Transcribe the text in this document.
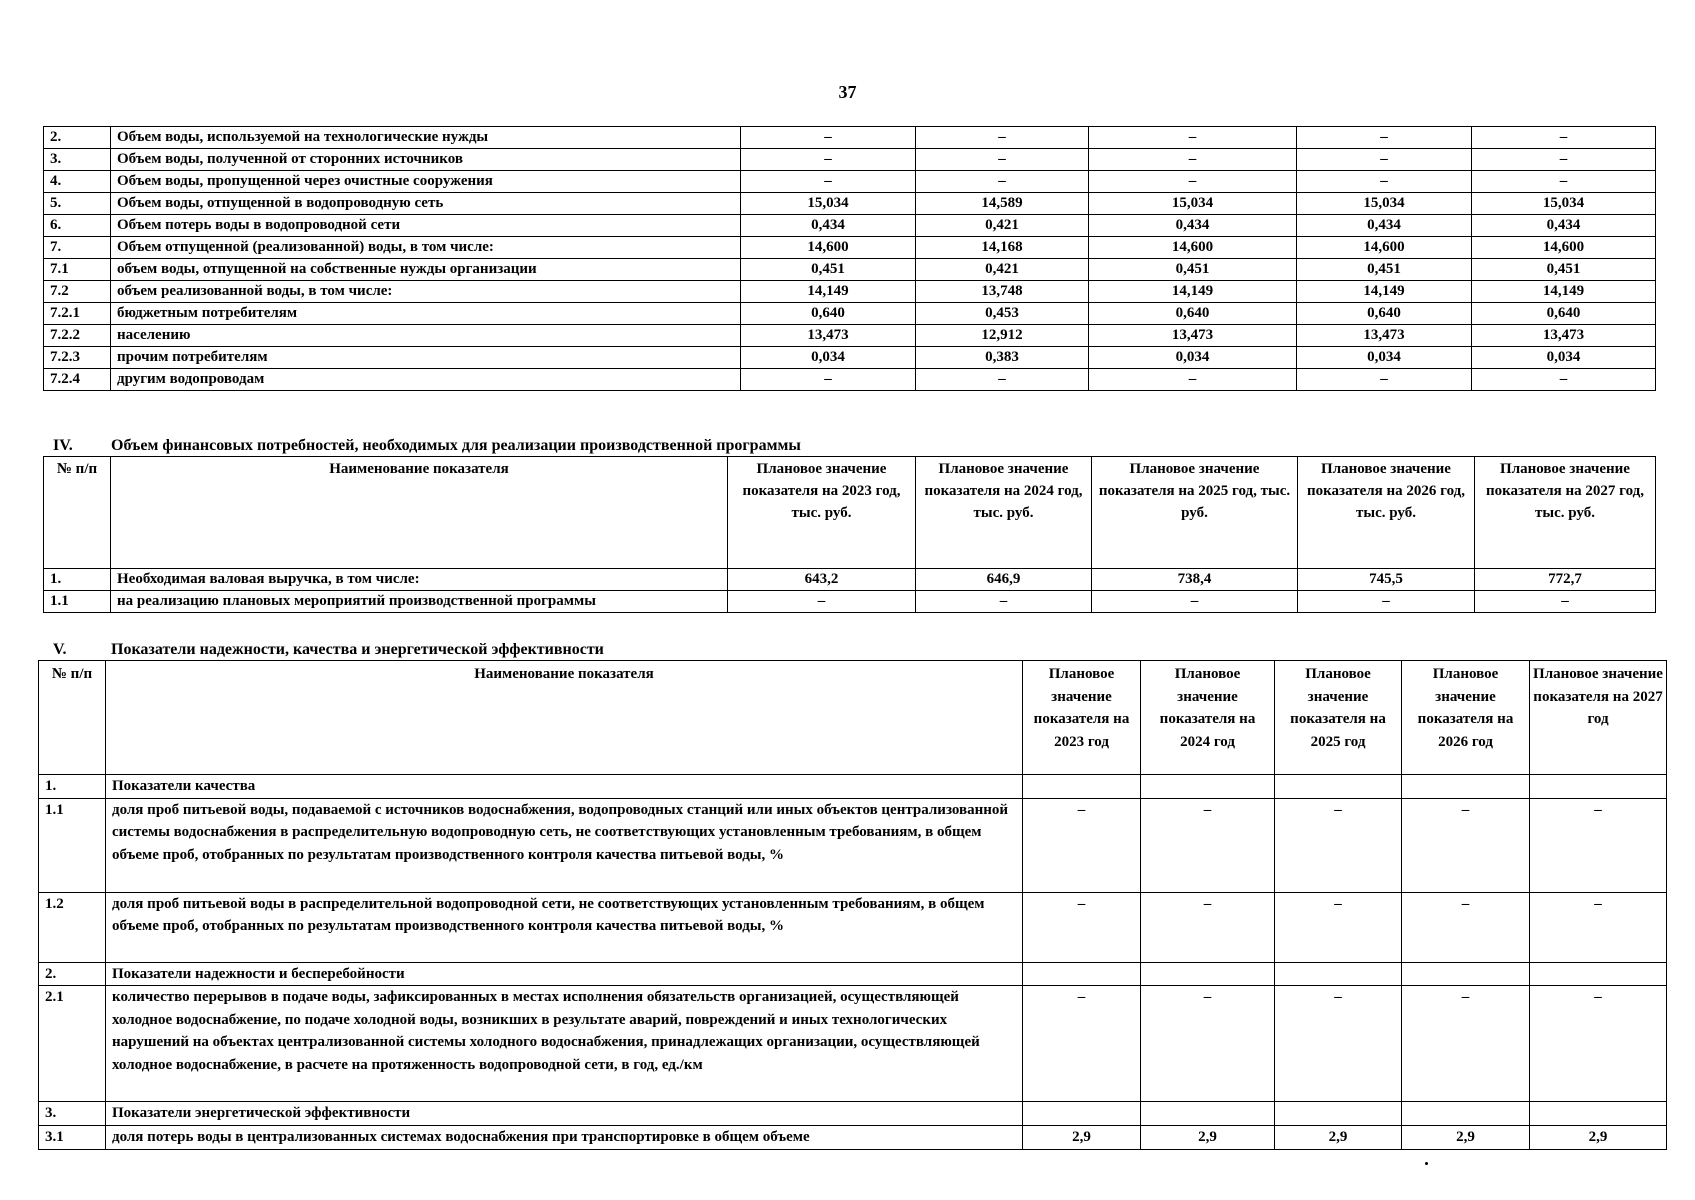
37
2.	Объем воды, используемой на технологические нужды	–	–	–	–	–
3.	Объем воды, полученной от сторонних источников	–	–	–	–	–
4.	Объем воды, пропущенной через очистные сооружения	–	–	–	–	–
5.	Объем воды, отпущенной в водопроводную сеть	15,034	14,589	15,034	15,034	15,034
6.	Объем потерь воды в водопроводной сети	0,434	0,421	0,434	0,434	0,434
7.	Объем отпущенной (реализованной) воды, в том числе:	14,600	14,168	14,600	14,600	14,600
7.1	объем воды, отпущенной на собственные нужды организации	0,451	0,421	0,451	0,451	0,451
7.2	объем реализованной воды, в том числе:	14,149	13,748	14,149	14,149	14,149
7.2.1	бюджетным потребителям	0,640	0,453	0,640	0,640	0,640
7.2.2	населению	13,473	12,912	13,473	13,473	13,473
7.2.3	прочим потребителям	0,034	0,383	0,034	0,034	0,034
7.2.4	другим водопроводам	–	–	–	–	–
IV. Объем финансовых потребностей, необходимых для реализации производственной программы
№ п/п	Наименование показателя	Плановое значение показателя на 2023 год, тыс. руб.	Плановое значение показателя на 2024 год, тыс. руб.	Плановое значение показателя на 2025 год, тыс. руб.	Плановое значение показателя на 2026 год, тыс. руб.	Плановое значение показателя на 2027 год, тыс. руб.
1.	Необходимая валовая выручка, в том числе:	643,2	646,9	738,4	745,5	772,7
1.1	на реализацию плановых мероприятий производственной программы	–	–	–	–	–
V.	Показатели надежности, качества и энергетической эффективности
№ п/п	Наименование показателя	Плановое значение показателя на 2023 год	Плановое значение показателя на 2024 год	Плановое значение показателя на 2025 год	Плановое значение показателя на 2026 год	Плановое значение показателя на 2027 год
1.	Показатели качества					
1.1	доля проб питьевой воды, подаваемой с источников водоснабжения, водопроводных станций или иных объектов централизованной системы водоснабжения в распределительную водопроводную сеть, не соответствующих установленным требованиям, в общем объеме проб, отобранных по результатам производственного контроля качества питьевой воды, %	–	–	–	–	–
1.2	доля проб питьевой воды в распределительной водопроводной сети, не соответствующих установленным требованиям, в общем объеме проб, отобранных по результатам производственного контроля качества питьевой воды, %	–	–	–	–	–
2.	Показатели надежности и бесперебойности					
2.1	количество перерывов в подаче воды, зафиксированных в местах исполнения обязательств организацией, осуществляющей холодное водоснабжение, по подаче холодной воды, возникших в результате аварий, повреждений и иных технологических нарушений на объектах централизованной системы холодного водоснабжения, принадлежащих организации, осуществляющей холодное водоснабжение, в расчете на протяженность водопроводной сети, в год, ед./км	–	–	–	–	–
3.	Показатели энергетической эффективности					
3.1	доля потерь воды в централизованных системах водоснабжения при транспортировке в общем объеме	2,9	2,9	2,9	2,9	2,9
